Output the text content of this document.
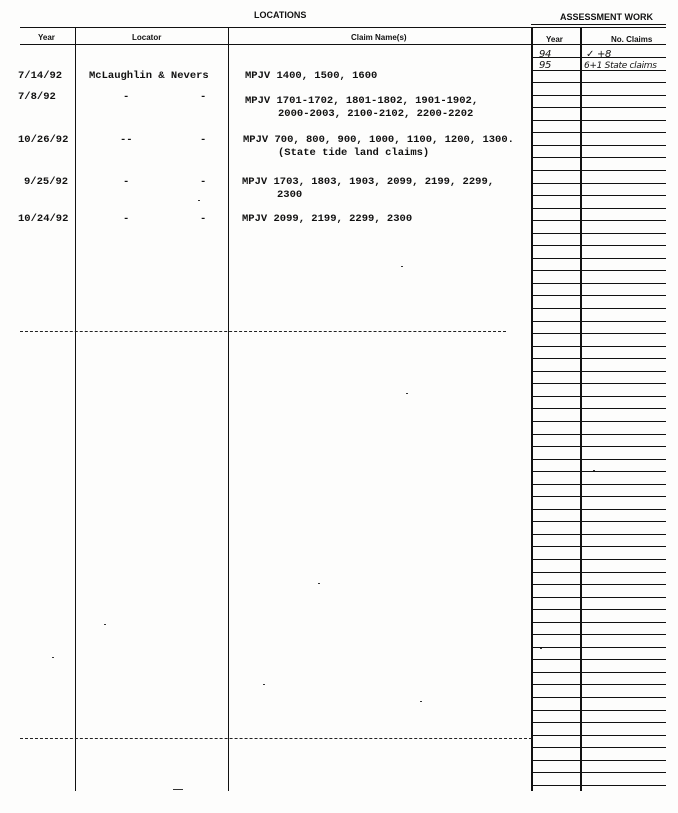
LOCATIONS	ASSESSMENT WORK
Year	Locator	Claim Name(s)	Year	No. Claims
7/14/92	McLaughlin & Nevers	MPJV 1400, 1500, 1600
7/8/92	-	-	MPJV 1701-1702, 1801-1802, 1901-1902,
2000-2003, 2100-2102, 2200-2202
10/26/92	--	-	MPJV 700, 800, 900, 1000, 1100, 1200, 1300.
(State tide land claims)
9/25/92	-	-	MPJV 1703, 1803, 1903, 2099, 2199, 2299,
2300
10/24/92	-	-	MPJV 2099, 2199, 2299, 2300
94	✓ +8
95	6+1 State claims
